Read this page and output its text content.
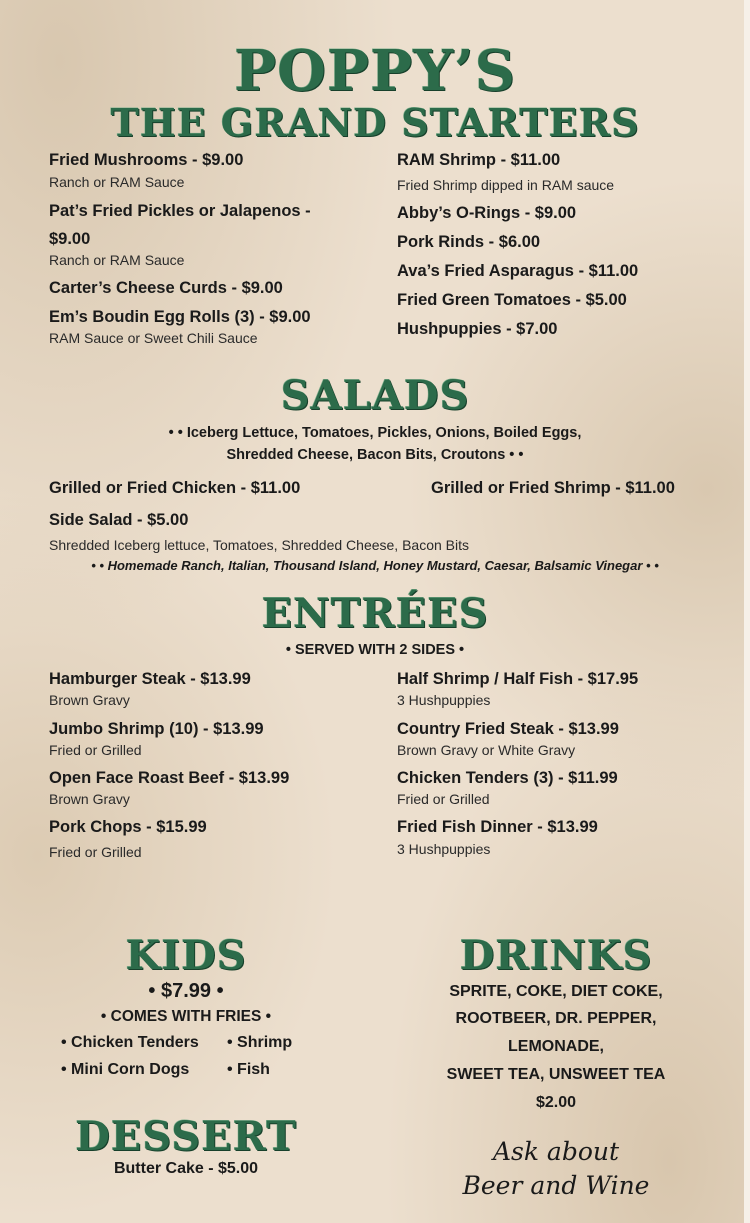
POPPY’S
THE GRAND STARTERS
Fried Mushrooms - $9.00
Ranch or RAM Sauce
Pat’s Fried Pickles or Jalapenos -
$9.00
Ranch or RAM Sauce
Carter’s Cheese Curds - $9.00
Em’s Boudin Egg Rolls (3) - $9.00
RAM Sauce or Sweet Chili Sauce
RAM Shrimp - $11.00
Fried Shrimp dipped in RAM sauce
Abby’s O-Rings - $9.00
Pork Rinds - $6.00
Ava’s Fried Asparagus - $11.00
Fried Green Tomatoes - $5.00
Hushpuppies - $7.00
SALADS
• • Iceberg Lettuce, Tomatoes, Pickles, Onions, Boiled Eggs,
Shredded Cheese, Bacon Bits, Croutons • •
Grilled or Fried Chicken - $11.00	Grilled or Fried Shrimp - $11.00
Side Salad - $5.00
Shredded Iceberg lettuce, Tomatoes, Shredded Cheese, Bacon Bits
• • Homemade Ranch, Italian, Thousand Island, Honey Mustard, Caesar, Balsamic Vinegar • •
ENTRÉES
• SERVED WITH 2 SIDES •
Hamburger Steak - $13.99
Brown Gravy
Jumbo Shrimp (10) - $13.99
Fried or Grilled
Open Face Roast Beef - $13.99
Brown Gravy
Pork Chops - $15.99
Fried or Grilled
Half Shrimp / Half Fish - $17.95
3 Hushpuppies
Country Fried Steak - $13.99
Brown Gravy or White Gravy
Chicken Tenders (3) - $11.99
Fried or Grilled
Fried Fish Dinner - $13.99
3 Hushpuppies
KIDS
• $7.99 •
• COMES WITH FRIES •
• Chicken Tenders • Shrimp
• Mini Corn Dogs • Fish
DESSERT
Butter Cake - $5.00
DRINKS
SPRITE, COKE, DIET COKE,
ROOTBEER, DR. PEPPER,
LEMONADE,
SWEET TEA, UNSWEET TEA
$2.00
Ask about
Beer and Wine
